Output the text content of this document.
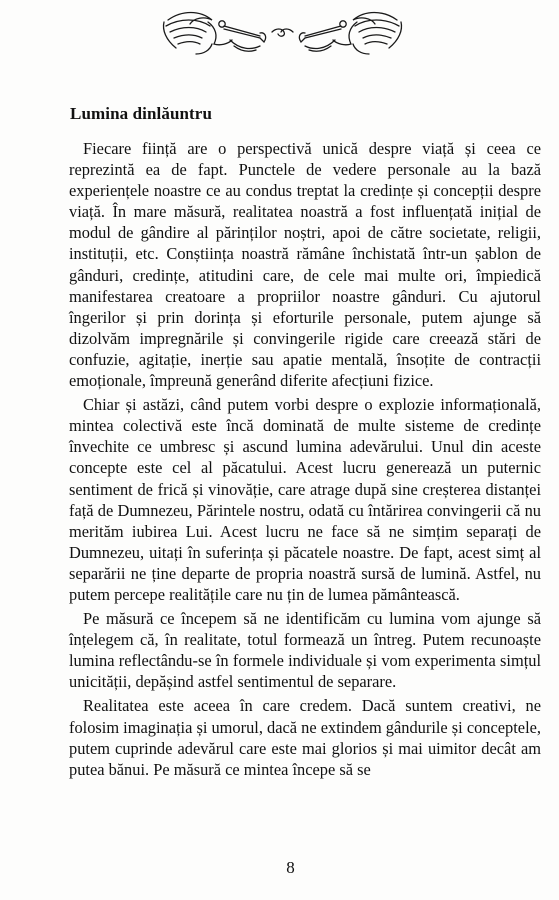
Lumina dinlăuntru

Fiecare ființă are o perspectivă unică despre viață și ceea ce reprezintă ea de fapt. Punctele de vedere personale au la bază experiențele noastre ce au condus treptat la credințe și concepții despre viață. În mare măsură, realitatea noastră a fost influențată inițial de modul de gândire al părinților noștri, apoi de către societate, religii, instituții, etc. Conștiința noastră rămâne închistată într-un șablon de gânduri, credințe, atitudini care, de cele mai multe ori, împiedică manifestarea creatoare a propriilor noastre gânduri. Cu ajutorul îngerilor și prin dorința și eforturile personale, putem ajunge să dizolvăm impregnările și convingerile rigide care creează stări de confuzie, agitație, inerție sau apatie mentală, însoțite de contracții emoționale, împreună generând diferite afecțiuni fizice.

Chiar și astăzi, când putem vorbi despre o explozie informațională, mintea colectivă este încă dominată de multe sisteme de credințe învechite ce umbresc și ascund lumina adevărului. Unul din aceste concepte este cel al păcatului. Acest lucru generează un puternic sentiment de frică și vinovăție, care atrage după sine creșterea distanței față de Dumnezeu, Părintele nostru, odată cu întărirea convingerii că nu merităm iubirea Lui. Acest lucru ne face să ne simțim separați de Dumnezeu, uitați în suferința și păcatele noastre. De fapt, acest simț al separării ne ține departe de propria noastră sursă de lumină. Astfel, nu putem percepe realitățile care nu țin de lumea pământească.

Pe măsură ce începem să ne identificăm cu lumina vom ajunge să înțelegem că, în realitate, totul formează un întreg. Putem recunoaște lumina reflectându-se în formele individuale și vom experimenta simțul unicității, depășind astfel sentimentul de separare.

Realitatea este aceea în care credem. Dacă suntem creativi, ne folosim imaginația și umorul, dacă ne extindem gândurile și conceptele, putem cuprinde adevărul care este mai glorios și mai uimitor decât am putea bănui. Pe măsură ce mintea începe să se

8
